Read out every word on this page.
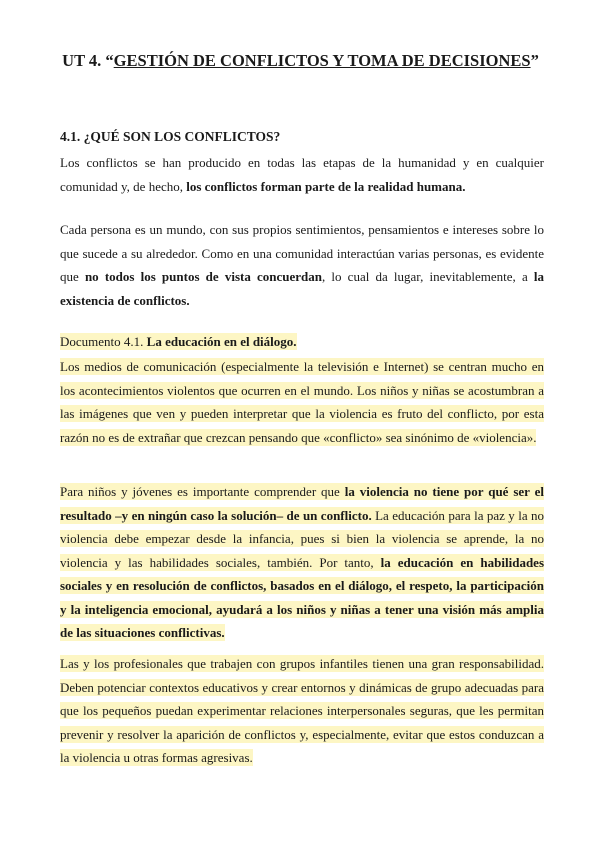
UT 4. “GESTIÓN DE CONFLICTOS Y TOMA DE DECISIONES”
4.1. ¿QUÉ SON LOS CONFLICTOS?
Los conflictos se han producido en todas las etapas de la humanidad y en cualquier comunidad y, de hecho, los conflictos forman parte de la realidad humana.
Cada persona es un mundo, con sus propios sentimientos, pensamientos e intereses sobre lo que sucede a su alrededor. Como en una comunidad interactúan varias personas, es evidente que no todos los puntos de vista concuerdan, lo cual da lugar, inevitablemente, a la existencia de conflictos.
Documento 4.1. La educación en el diálogo.
Los medios de comunicación (especialmente la televisión e Internet) se centran mucho en los acontecimientos violentos que ocurren en el mundo. Los niños y niñas se acostumbran a las imágenes que ven y pueden interpretar que la violencia es fruto del conflicto, por esta razón no es de extrañar que crezcan pensando que «conflicto» sea sinónimo de «violencia».
Para niños y jóvenes es importante comprender que la violencia no tiene por qué ser el resultado –y en ningún caso la solución– de un conflicto. La educación para la paz y la no violencia debe empezar desde la infancia, pues si bien la violencia se aprende, la no violencia y las habilidades sociales, también. Por tanto, la educación en habilidades sociales y en resolución de conflictos, basados en el diálogo, el respeto, la participación y la inteligencia emocional, ayudará a los niños y niñas a tener una visión más amplia de las situaciones conflictivas.
Las y los profesionales que trabajen con grupos infantiles tienen una gran responsabilidad. Deben potenciar contextos educativos y crear entornos y dinámicas de grupo adecuadas para que los pequeños puedan experimentar relaciones interpersonales seguras, que les permitan prevenir y resolver la aparición de conflictos y, especialmente, evitar que estos conduzcan a la violencia u otras formas agresivas.
